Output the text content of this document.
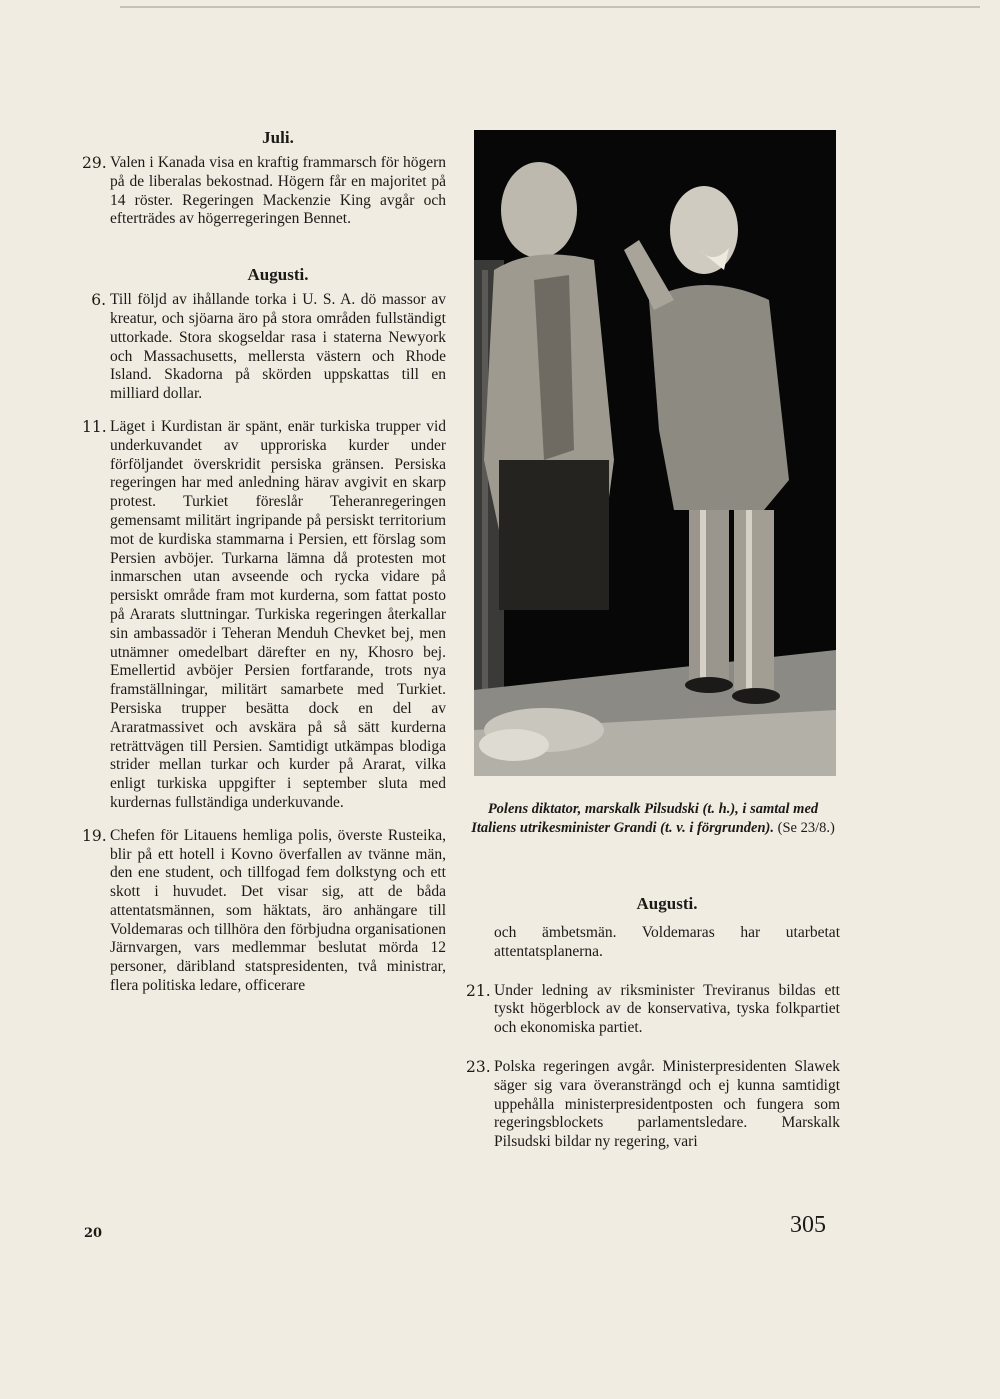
Juli.
29. Valen i Kanada visa en kraftig frammarsch för högern på de liberalas bekostnad. Högern får en majoritet på 14 röster. Regeringen Mackenzie King avgår och efterträdes av högerregeringen Bennet.
Augusti.
6. Till följd av ihållande torka i U. S. A. dö massor av kreatur, och sjöarna äro på stora områden fullständigt uttorkade. Stora skogseldar rasa i staterna Newyork och Massachusetts, mellersta västern och Rhode Island. Skadorna på skörden uppskattas till en milliard dollar.
11. Läget i Kurdistan är spänt, enär turkiska trupper vid underkuvandet av upproriska kurder under förföljandet överskridit persiska gränsen. Persiska regeringen har med anledning härav avgivit en skarp protest. Turkiet föreslår Teheranregeringen gemensamt militärt ingripande på persiskt territorium mot de kurdiska stammarna i Persien, ett förslag som Persien avböjer. Turkarna lämna då protesten mot inmarschen utan avseende och rycka vidare på persiskt område fram mot kurderna, som fattat posto på Ararats sluttningar. Turkiska regeringen återkallar sin ambassadör i Teheran Menduh Chevket bej, men utnämner omedelbart därefter en ny, Khosro bej. Emellertid avböjer Persien fortfarande, trots nya framställningar, militärt samarbete med Turkiet. Persiska trupper besätta dock en del av Araratmassivet och avskära på så sätt kurderna reträttvägen till Persien. Samtidigt utkämpas blodiga strider mellan turkar och kurder på Ararat, vilka enligt turkiska uppgifter i september sluta med kurdernas fullständiga underkuvande.
19. Chefen för Litauens hemliga polis, överste Rusteika, blir på ett hotell i Kovno överfallen av tvänne män, den ene student, och tillfogad fem dolkstyng och ett skott i huvudet. Det visar sig, att de båda attentatsmännen, som häktats, äro anhängare till Voldemaras och tillhöra den förbjudna organisationen Järnvargen, vars medlemmar beslutat mörda 12 personer, däribland statspresidenten, två ministrar, flera politiska ledare, officerare
Polens diktator, marskalk Pilsudski (t. h.), i samtal med Italiens utrikesminister Grandi (t. v. i förgrunden). (Se 23/8.)
Augusti.
och ämbetsmän. Voldemaras har utarbetat attentatsplanerna.
21. Under ledning av riksminister Treviranus bildas ett tyskt högerblock av de konservativa, tyska folkpartiet och ekonomiska partiet.
23. Polska regeringen avgår. Ministerpresidenten Slawek säger sig vara överansträngd och ej kunna samtidigt uppehålla ministerpresidentposten och fungera som regeringsblockets parlamentsledare. Marskalk Pilsudski bildar ny regering, vari
20	305
